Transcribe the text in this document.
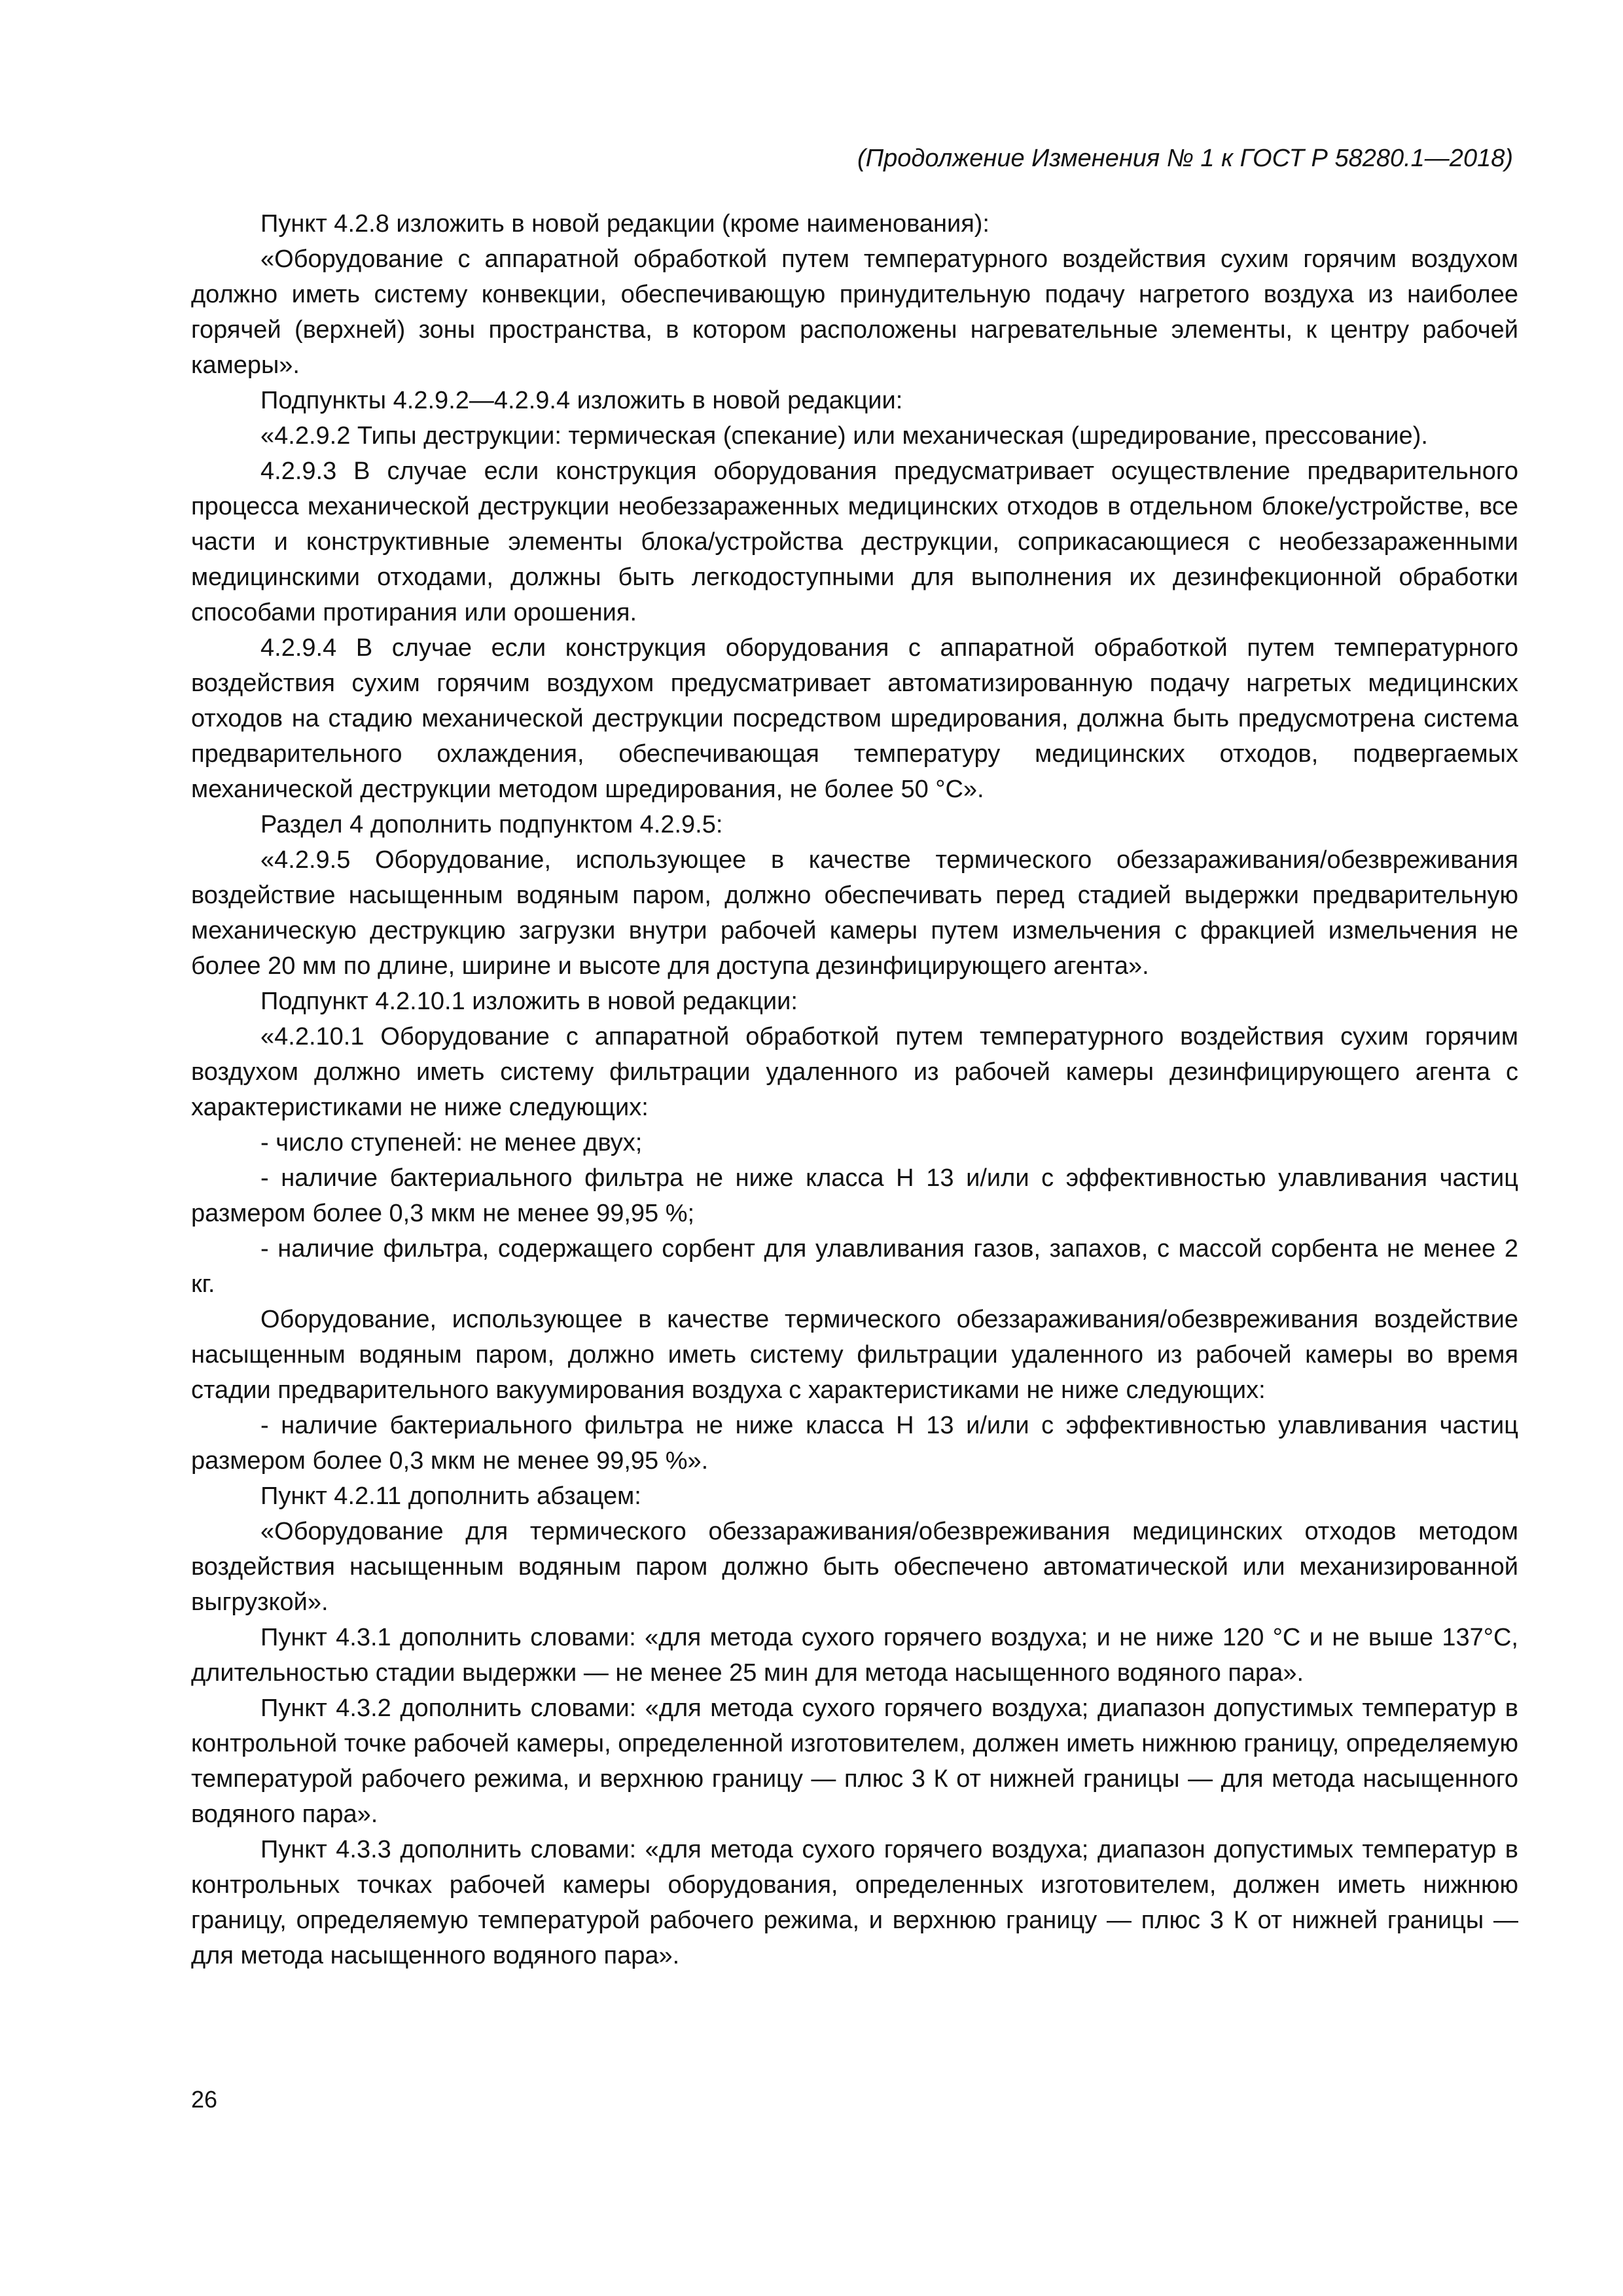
(Продолжение Изменения № 1 к ГОСТ Р 58280.1—2018)

Пункт 4.2.8 изложить в новой редакции (кроме наименования):

«Оборудование с аппаратной обработкой путем температурного воздействия сухим горячим воздухом должно иметь систему конвекции, обеспечивающую принудительную подачу нагретого воздуха из наиболее горячей (верхней) зоны пространства, в котором расположены нагревательные элементы, к центру рабочей камеры».

Подпункты 4.2.9.2—4.2.9.4 изложить в новой редакции:

«4.2.9.2 Типы деструкции: термическая (спекание) или механическая (шредирование, прессование).

4.2.9.3 В случае если конструкция оборудования предусматривает осуществление предварительного процесса механической деструкции необеззараженных медицинских отходов в отдельном блоке/устройстве, все части и конструктивные элементы блока/устройства деструкции, соприкасающиеся с необеззараженными медицинскими отходами, должны быть легкодоступными для выполнения их дезинфекционной обработки способами протирания или орошения.

4.2.9.4 В случае если конструкция оборудования с аппаратной обработкой путем температурного воздействия сухим горячим воздухом предусматривает автоматизированную подачу нагретых медицинских отходов на стадию механической деструкции посредством шредирования, должна быть предусмотрена система предварительного охлаждения, обеспечивающая температуру медицинских отходов, подвергаемых механической деструкции методом шредирования, не более 50 °С».

Раздел 4 дополнить подпунктом 4.2.9.5:

«4.2.9.5 Оборудование, использующее в качестве термического обеззараживания/обезвреживания воздействие насыщенным водяным паром, должно обеспечивать перед стадией выдержки предварительную механическую деструкцию загрузки внутри рабочей камеры путем измельчения с фракцией измельчения не более 20 мм по длине, ширине и высоте для доступа дезинфицирующего агента».

Подпункт 4.2.10.1 изложить в новой редакции:

«4.2.10.1 Оборудование с аппаратной обработкой путем температурного воздействия сухим горячим воздухом должно иметь систему фильтрации удаленного из рабочей камеры дезинфицирующего агента с характеристиками не ниже следующих:

- число ступеней: не менее двух;

- наличие бактериального фильтра не ниже класса Н 13 и/или с эффективностью улавливания частиц размером более 0,3 мкм не менее 99,95 %;

- наличие фильтра, содержащего сорбент для улавливания газов, запахов, с массой сорбента не менее 2 кг.

Оборудование, использующее в качестве термического обеззараживания/обезвреживания воздействие насыщенным водяным паром, должно иметь систему фильтрации удаленного из рабочей камеры во время стадии предварительного вакуумирования воздуха с характеристиками не ниже следующих:

- наличие бактериального фильтра не ниже класса Н 13 и/или с эффективностью улавливания частиц размером более 0,3 мкм не менее 99,95 %».

Пункт 4.2.11 дополнить абзацем:

«Оборудование для термического обеззараживания/обезвреживания медицинских отходов методом воздействия насыщенным водяным паром должно быть обеспечено автоматической или механизированной выгрузкой».

Пункт 4.3.1 дополнить словами: «для метода сухого горячего воздуха; и не ниже 120 °С и не выше 137°С, длительностью стадии выдержки — не менее 25 мин для метода насыщенного водяного пара».

Пункт 4.3.2 дополнить словами: «для метода сухого горячего воздуха; диапазон допустимых температур в контрольной точке рабочей камеры, определенной изготовителем, должен иметь нижнюю границу, определяемую температурой рабочего режима, и верхнюю границу — плюс 3 К от нижней границы — для метода насыщенного водяного пара».

Пункт 4.3.3 дополнить словами: «для метода сухого горячего воздуха; диапазон допустимых температур в контрольных точках рабочей камеры оборудования, определенных изготовителем, должен иметь нижнюю границу, определяемую температурой рабочего режима, и верхнюю границу — плюс 3 К от нижней границы — для метода насыщенного водяного пара».

26
